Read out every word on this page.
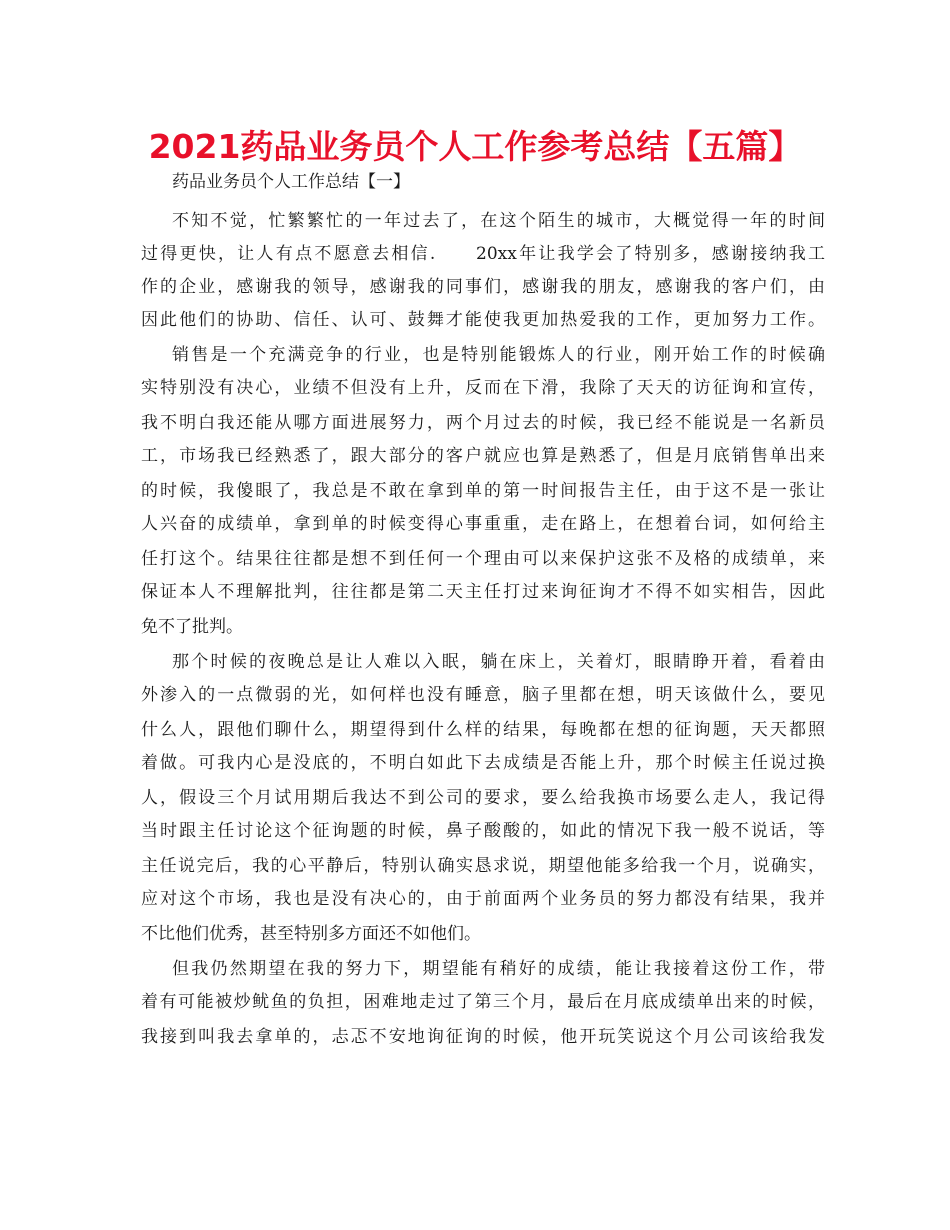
2021药品业务员个人工作参考总结【五篇】
药品业务员个人工作总结【一】
不知不觉，忙繁繁忙的一年过去了，在这个陌生的城市，大概觉得一年的时间
过得更快，让人有点不愿意去相信.　　20xx年让我学会了特别多，感谢接纳我工
作的企业，感谢我的领导，感谢我的同事们，感谢我的朋友，感谢我的客户们，由
因此他们的协助、信任、认可、鼓舞才能使我更加热爱我的工作，更加努力工作。
销售是一个充满竞争的行业，也是特别能锻炼人的行业，刚开始工作的时候确
实特别没有决心，业绩不但没有上升，反而在下滑，我除了天天的访征询和宣传，
我不明白我还能从哪方面进展努力，两个月过去的时候，我已经不能说是一名新员
工，市场我已经熟悉了，跟大部分的客户就应也算是熟悉了，但是月底销售单出来
的时候，我傻眼了，我总是不敢在拿到单的第一时间报告主任，由于这不是一张让
人兴奋的成绩单，拿到单的时候变得心事重重，走在路上，在想着台词，如何给主
任打这个。结果往往都是想不到任何一个理由可以来保护这张不及格的成绩单，来
保证本人不理解批判，往往都是第二天主任打过来询征询才不得不如实相告，因此
免不了批判。
那个时候的夜晚总是让人难以入眠，躺在床上，关着灯，眼睛睁开着，看着由
外渗入的一点微弱的光，如何样也没有睡意，脑子里都在想，明天该做什么，要见
什么人，跟他们聊什么，期望得到什么样的结果，每晚都在想的征询题，天天都照
着做。可我内心是没底的，不明白如此下去成绩是否能上升，那个时候主任说过换
人，假设三个月试用期后我达不到公司的要求，要么给我换市场要么走人，我记得
当时跟主任讨论这个征询题的时候，鼻子酸酸的，如此的情况下我一般不说话，等
主任说完后，我的心平静后，特别认确实恳求说，期望他能多给我一个月，说确实，
应对这个市场，我也是没有决心的，由于前面两个业务员的努力都没有结果，我并
不比他们优秀，甚至特别多方面还不如他们。
但我仍然期望在我的努力下，期望能有稍好的成绩，能让我接着这份工作，带
着有可能被炒鱿鱼的负担，困难地走过了第三个月，最后在月底成绩单出来的时候，
我接到叫我去拿单的，忐忑不安地询征询的时候，他开玩笑说这个月公司该给我发
